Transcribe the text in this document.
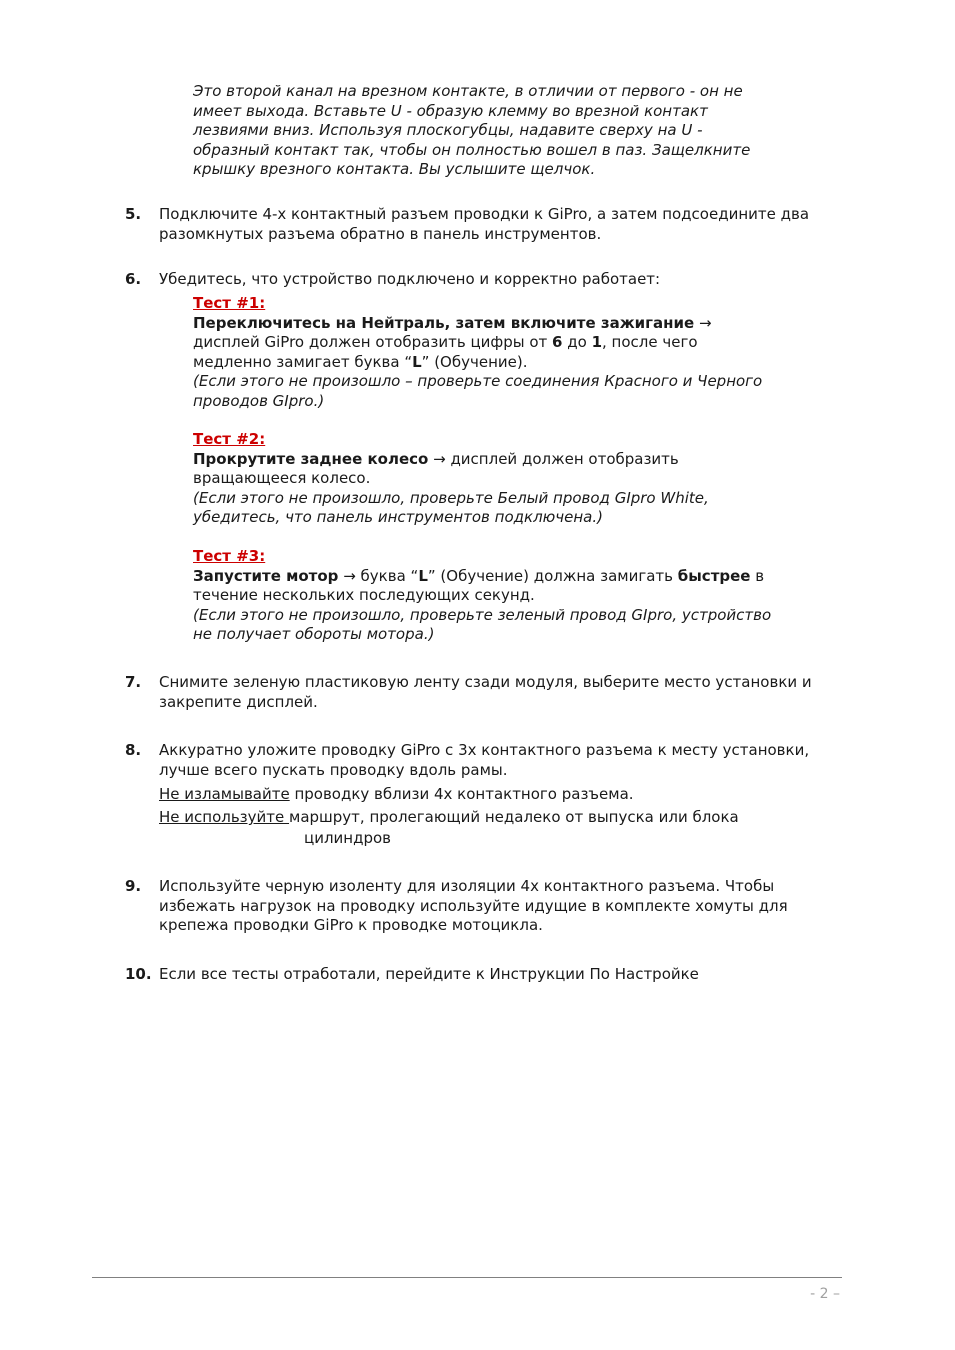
Это второй канал на врезном контакте, в отличии от первого - он не
имеет выхода. Вставьте U - образую клемму во врезной контакт
лезвиями вниз. Используя плоскогубцы, надавите сверху на U -
образный контакт так, чтобы он полностью вошел в паз. Защелкните
крышку врезного контакта. Вы услышите щелчок.
5. Подключите 4-х контактный разъем проводки к GiPro, а затем подсоедините два
разомкнутых разъема обратно в панель инструментов.
6. Убедитесь, что устройство подключено и корректно работает:
Тест #1:
Переключитесь на Нейтраль, затем включите зажигание →
дисплей GiPro должен отобразить цифры от 6 до 1, после чего
медленно замигает буква “L” (Обучение).
(Если этого не произошло – проверьте соединения Красного и Черного
проводов GIpro.)
Тест #2:
Прокрутите заднее колесо → дисплей должен отобразить
вращающееся колесо.
(Если этого не произошло, проверьте Белый провод GIpro White,
убедитесь, что панель инструментов подключена.)
Тест #3:
Запустите мотор → буква “L” (Обучение) должна замигать быстрее в
течение нескольких последующих секунд.
(Если этого не произошло, проверьте зеленый провод GIpro, устройство
не получает обороты мотора.)
7. Снимите зеленую пластиковую ленту сзади модуля, выберите место установки и
закрепите дисплей.
8. Аккуратно уложите проводку GiPro с 3х контактного разъема к месту установки,
лучше всего пускать проводку вдоль рамы.
Не изламывайте проводку вблизи 4х контактного разъема.
Не используйте маршрут, пролегающий недалеко от выпуска или блока
цилиндров
9. Используйте черную изоленту для изоляции 4х контактного разъема. Чтобы
избежать нагрузок на проводку используйте идущие в комплекте хомуты для
крепежа проводки GiPro к проводке мотоцикла.
10. Если все тесты отработали, перейдите к Инструкции По Настройке
- 2 –
